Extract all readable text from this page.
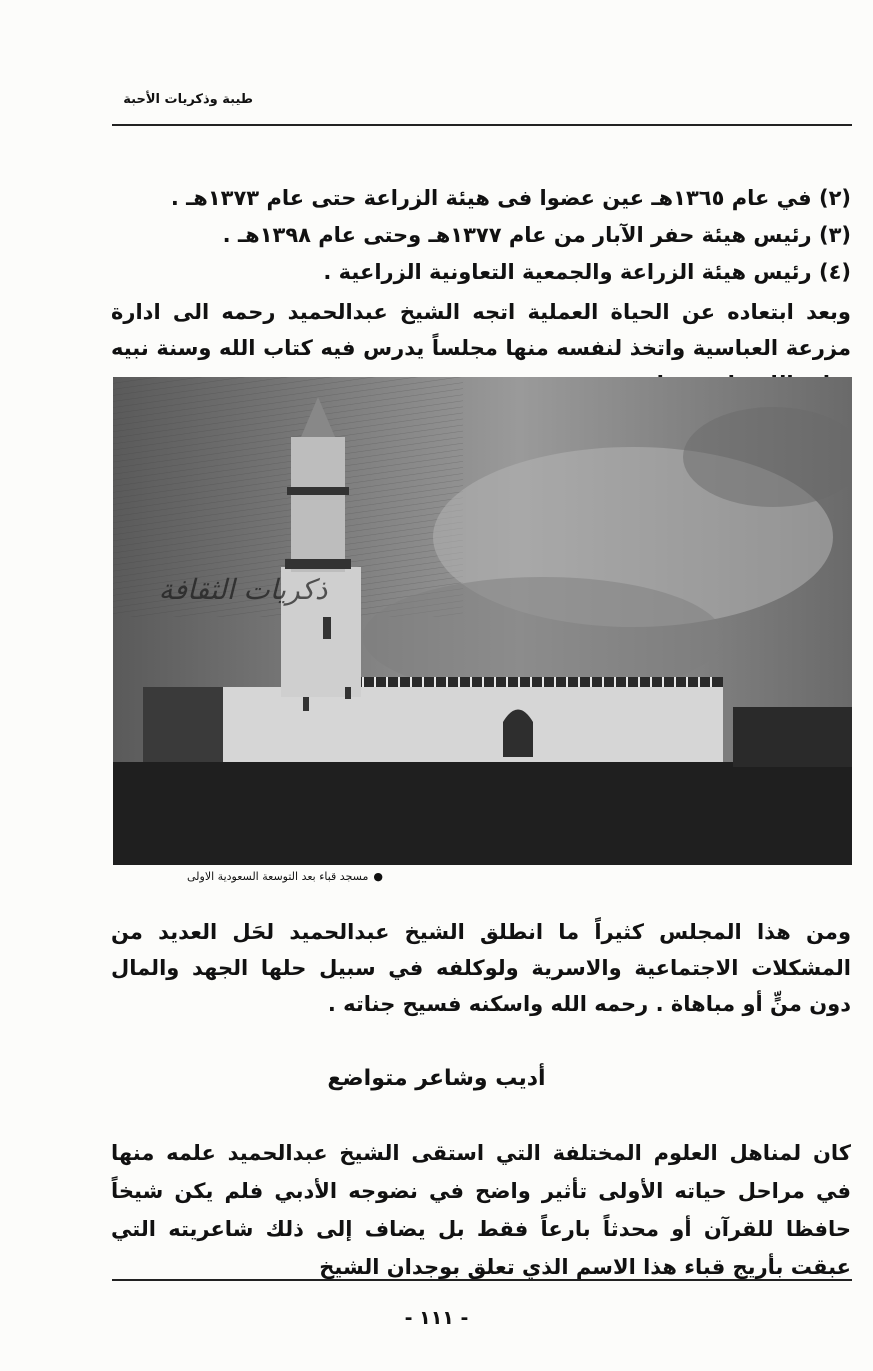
طيبة وذكريات الأحبة
(٢) في عام ١٣٦٥هـ عين عضوا فى هيئة الزراعة حتى عام ١٣٧٣هـ .
(٣) رئيس هيئة حفر الآبار من عام ١٣٧٧هـ وحتى عام ١٣٩٨هـ .
(٤) رئيس هيئة الزراعة والجمعية التعاونية الزراعية .

وبعد ابتعاده عن الحياة العملية اتجه الشيخ عبدالحميد رحمه الى ادارة مزرعة العباسية واتخذ لنفسه منها مجلساً يدرس فيه كتاب الله وسنة نبيه

ذكريات الثقافة
●مسجد قباء بعد التوسعة السعودية الاولى

ومن هذا المجلس كثيراً ما انطلق الشيخ عبدالحميد لحَل العديد من المشكلات الاجتماعية والاسرية ولوكلفه في سبيل حلها الجهد والمال دون منٍّ أو مباهاة . رحمه الله واسكنه فسيح جناته .

أديب وشاعر متواضع

كان لمناهل العلوم المختلفة التي استقى الشيخ عبدالحميد علمه منها في مراحل حياته الأولى تأثير واضح في نضوجه الأدبي فلم يكن شيخاً حافظا للقرآن أو محدثاً بارعاً فقط بل يضاف إلى ذلك شاعريته التي عبقت بأريج قباء هذا الاسم الذي تعلق بوجدان الشيخ

- ١١١ -
